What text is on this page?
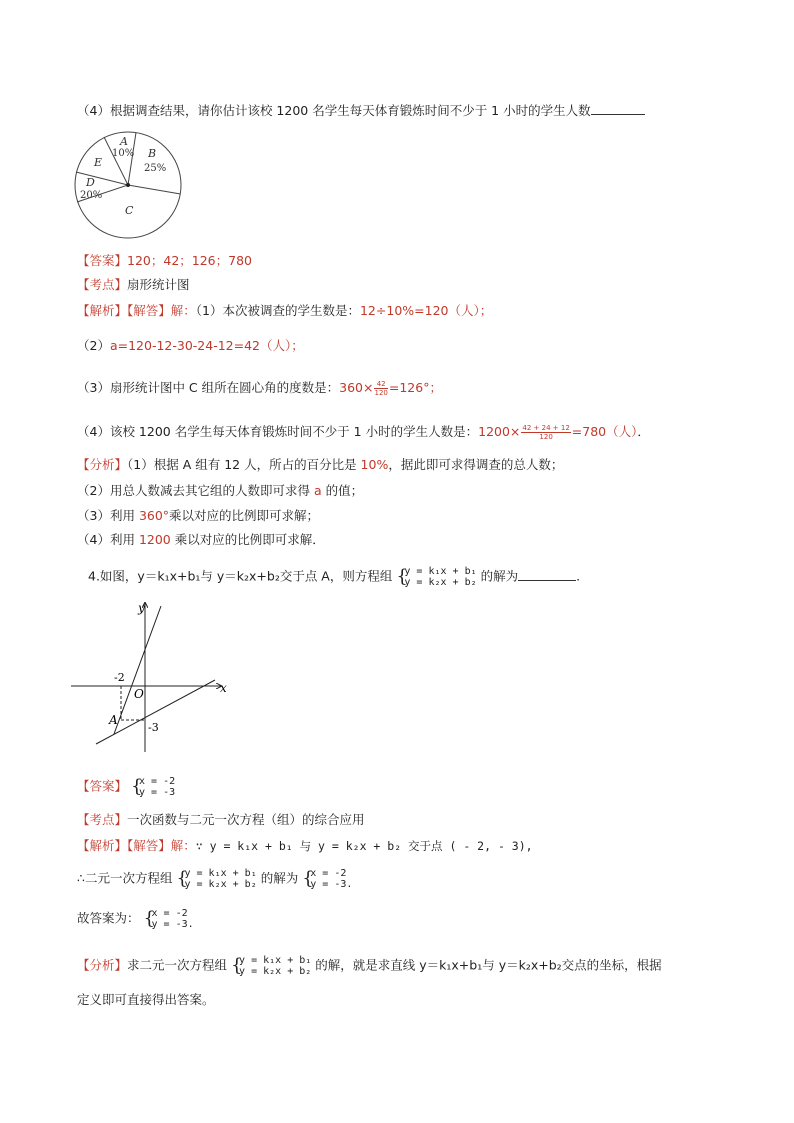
（4）根据调查结果，请你估计该校 1200 名学生每天体育锻炼时间不少于 1 小时的学生人数
A
10% B
25%
E
D
20%
C
【答案】120；42；126；780
【考点】扇形统计图
【解析】【解答】解：（1）本次被调查的学生数是：12÷10%=120（人）；
（2）a=120-12-30-24-12=42（人）；
（3）扇形统计图中 C 组所在圆心角的度数是：$360\times \frac{42}{120} =126^\circ$；
（4）该校 1200 名学生每天体育锻炼时间不少于 1 小时的学生人数是：$1200\times \frac{42 + 24 + 12}{120} =780$（人）．
【分析】（1）根据 A 组有 12 人，所占的百分比是 10%，据此即可求得调查的总人数；
（2）用总人数减去其它组的人数即可求得 a 的值；
（3）利用 360°乘以对应的比例即可求解；
（4）利用 1200 乘以对应的比例即可求解．
4.如图，y＝k₁x+b₁与 y＝k₂x+b₂交于点 A，则方程组 {
y = k₁x + b₁
y = k₂x + b₂ 的解为	.
y
x
O
-2
-3
A
【答案】 {
x = -2
y = -3
【考点】一次函数与二元一次方程（组）的综合应用
【解析】【解答】解：∵ y = k₁x + b₁ 与 y = k₂x + b₂ 交于点 ( - 2, - 3),
∴二元一次方程组 {
y = k₁x + b₁
y = k₂x + b₂ 的解为 {
x = -2
y = -3.
故答案为： {
x = -2
y = -3.
【分析】求二元一次方程组 {
y = k₁x + b₁
y = k₂x + b₂ 的解，就是求直线 y＝k₁x+b₁与 y＝k₂x+b₂交点的坐标，根据
定义即可直接得出答案。
